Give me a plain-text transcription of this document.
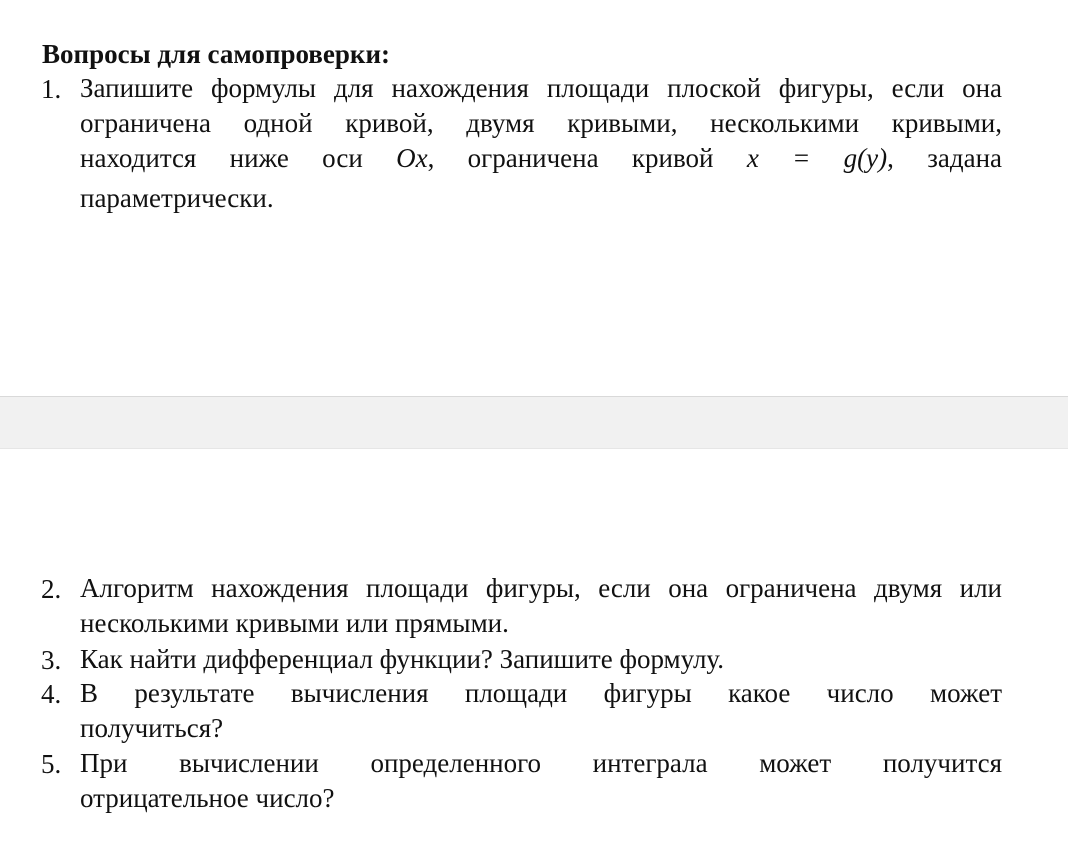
Вопросы для самопроверки:
1. Запишите формулы для нахождения площади плоской фигуры, если она
ограничена одной кривой, двумя кривыми, несколькими кривыми,
находится ниже оси Ox, ограничена кривой x = g(y), задана
параметрически.
2. Алгоритм нахождения площади фигуры, если она ограничена двумя или
несколькими кривыми или прямыми.
3. Как найти дифференциал функции? Запишите формулу.
4. В результате вычисления площади фигуры какое число может
получиться?
5. При вычислении определенного интеграла может получится
отрицательное число?
